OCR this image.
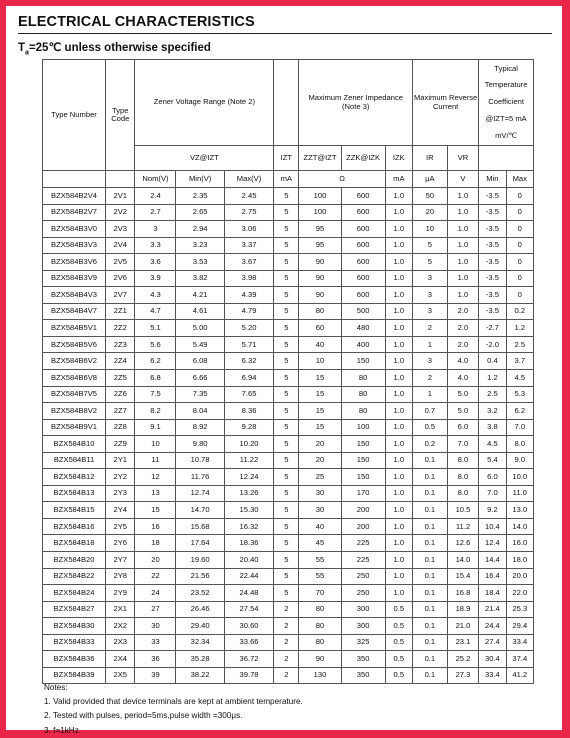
ELECTRICAL CHARACTERISTICS
$T_a=25℃$ unless otherwise specified
Type Number	Type Code	Zener Voltage Range (Note 2)				Maximum Zener Impedance (Note 3)			Maximum Reverse Current		Typical
Temperature
Coefficient
@IZT=5 mA
mV/℃	

		VZ@IZT			IZT	ZZT@IZT	ZZK@IZK	IZK	IR	VR		
		Nom(V)	Min(V)	Max(V)	mA	Ω		mA	μA	V	Min	Max
BZX584B2V4	2V1	2.4	2.35	2.45	5	100	600	1.0	50	1.0	-3.5	0
BZX584B2V7	2V2	2.7	2.65	2.75	5	100	600	1.0	20	1.0	-3.5	0
BZX584B3V0	2V3	3	2.94	3.06	5	95	600	1.0	10	1.0	-3.5	0
BZX584B3V3	2V4	3.3	3.23	3.37	5	95	600	1.0	5	1.0	-3.5	0
BZX584B3V6	2V5	3.6	3.53	3.67	5	90	600	1.0	5	1.0	-3.5	0
BZX584B3V9	2V6	3.9	3.82	3.98	5	90	600	1.0	3	1.0	-3.5	0
BZX584B4V3	2V7	4.3	4.21	4.39	5	90	600	1.0	3	1.0	-3.5	0
BZX584B4V7	2Z1	4.7	4.61	4.79	5	80	500	1.0	3	2.0	-3.5	0.2
BZX584B5V1	2Z2	5.1	5.00	5.20	5	60	480	1.0	2	2.0	-2.7	1.2
BZX584B5V6	2Z3	5.6	5.49	5.71	5	40	400	1.0	1	2.0	-2.0	2.5
BZX584B6V2	2Z4	6.2	6.08	6.32	5	10	150	1.0	3	4.0	0.4	3.7
BZX584B6V8	2Z5	6.8	6.66	6.94	5	15	80	1.0	2	4.0	1.2	4.5
BZX584B7V5	2Z6	7.5	7.35	7.65	5	15	80	1.0	1	5.0	2.5	5.3
BZX584B8V2	2Z7	8.2	8.04	8.36	5	15	80	1.0	0.7	5.0	3.2	6.2
BZX584B9V1	2Z8	9.1	8.92	9.28	5	15	100	1.0	0.5	6.0	3.8	7.0
BZX584B10	2Z9	10	9.80	10.20	5	20	150	1.0	0.2	7.0	4.5	8.0
BZX584B11	2Y1	11	10.78	11.22	5	20	150	1.0	0.1	8.0	5.4	9.0
BZX584B12	2Y2	12	11.76	12.24	5	25	150	1.0	0.1	8.0	6.0	10.0
BZX584B13	2Y3	13	12.74	13.26	5	30	170	1.0	0.1	8.0	7.0	11.0
BZX584B15	2Y4	15	14.70	15.30	5	30	200	1.0	0.1	10.5	9.2	13.0
BZX584B16	2Y5	16	15.68	16.32	5	40	200	1.0	0.1	11.2	10.4	14.0
BZX584B18	2Y6	18	17.64	18.36	5	45	225	1.0	0.1	12.6	12.4	16.0
BZX584B20	2Y7	20	19.60	20.40	5	55	225	1.0	0.1	14.0	14.4	18.0
BZX584B22	2Y8	22	21.56	22.44	5	55	250	1.0	0.1	15.4	16.4	20.0
BZX584B24	2Y9	24	23.52	24.48	5	70	250	1.0	0.1	16.8	18.4	22.0
BZX584B27	2X1	27	26.46	27.54	2	80	300	0.5	0.1	18.9	21.4	25.3
BZX584B30	2X2	30	29.40	30.60	2	80	300	0.5	0.1	21.0	24.4	29.4
BZX584B33	2X3	33	32.34	33.66	2	80	325	0.5	0.1	23.1	27.4	33.4
BZX584B36	2X4	36	35.28	36.72	2	90	350	0.5	0.1	25.2	30.4	37.4
BZX584B39	2X5	39	38.22	39.78	2	130	350	0.5	0.1	27.3	33.4	41.2
Notes:
1. Valid provided that device terminals are kept at ambient temperature.
2. Tested with pulses, period=5ms,pulse width =300μs.
3. f=1kHz.
